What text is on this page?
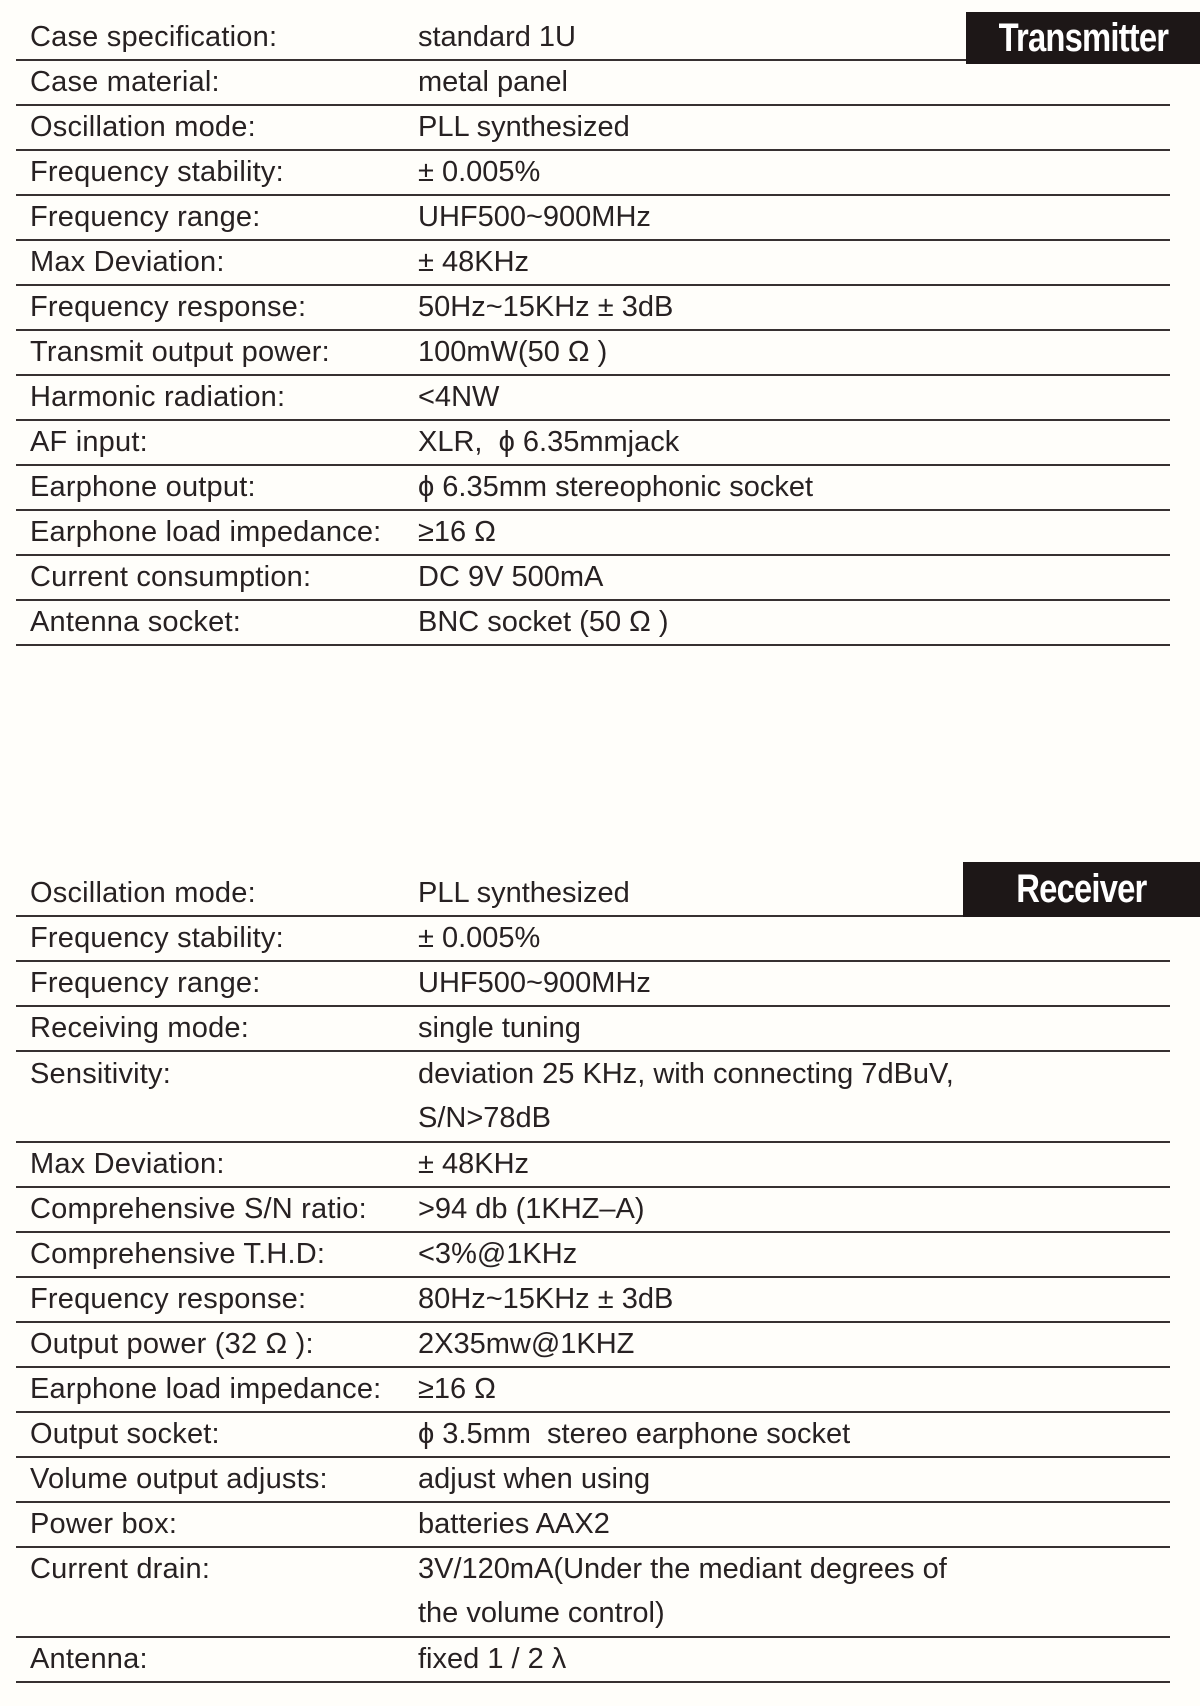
Case specification:	standard 1U
Case material:	metal panel
Oscillation mode:	PLL synthesized
Frequency stability:	± 0.005%
Frequency range:	UHF500~900MHz
Max Deviation:	± 48KHz
Frequency response:	50Hz~15KHz ± 3dB
Transmit output power:	100mW(50 Ω )
Harmonic radiation:	<4NW
AF input:	XLR,  ϕ 6.35mmjack
Earphone output:	ϕ 6.35mm stereophonic socket
Earphone load impedance:	≥16 Ω
Current consumption:	DC 9V 500mA
Antenna socket:	BNC socket (50 Ω )
Oscillation mode:	PLL synthesized
Frequency stability:	± 0.005%
Frequency range:	UHF500~900MHz
Receiving mode:	single tuning
Sensitivity:	deviation 25 KHz, with connecting 7dBuV,
S/N>78dB
Max Deviation:	± 48KHz
Comprehensive S/N ratio:	>94 db (1KHZ–A)
Comprehensive T.H.D:	<3%@1KHz
Frequency response:	80Hz~15KHz ± 3dB
Output power (32 Ω ):	2X35mw@1KHZ
Earphone load impedance:	≥16 Ω
Output socket:	ϕ 3.5mm  stereo earphone socket
Volume output adjusts:	adjust when using
Power box:	batteries AAX2
Current drain:	3V/120mA(Under the mediant degrees of
the volume control)
Antenna:	fixed 1 / 2 λ
Transmitter
Receiver
